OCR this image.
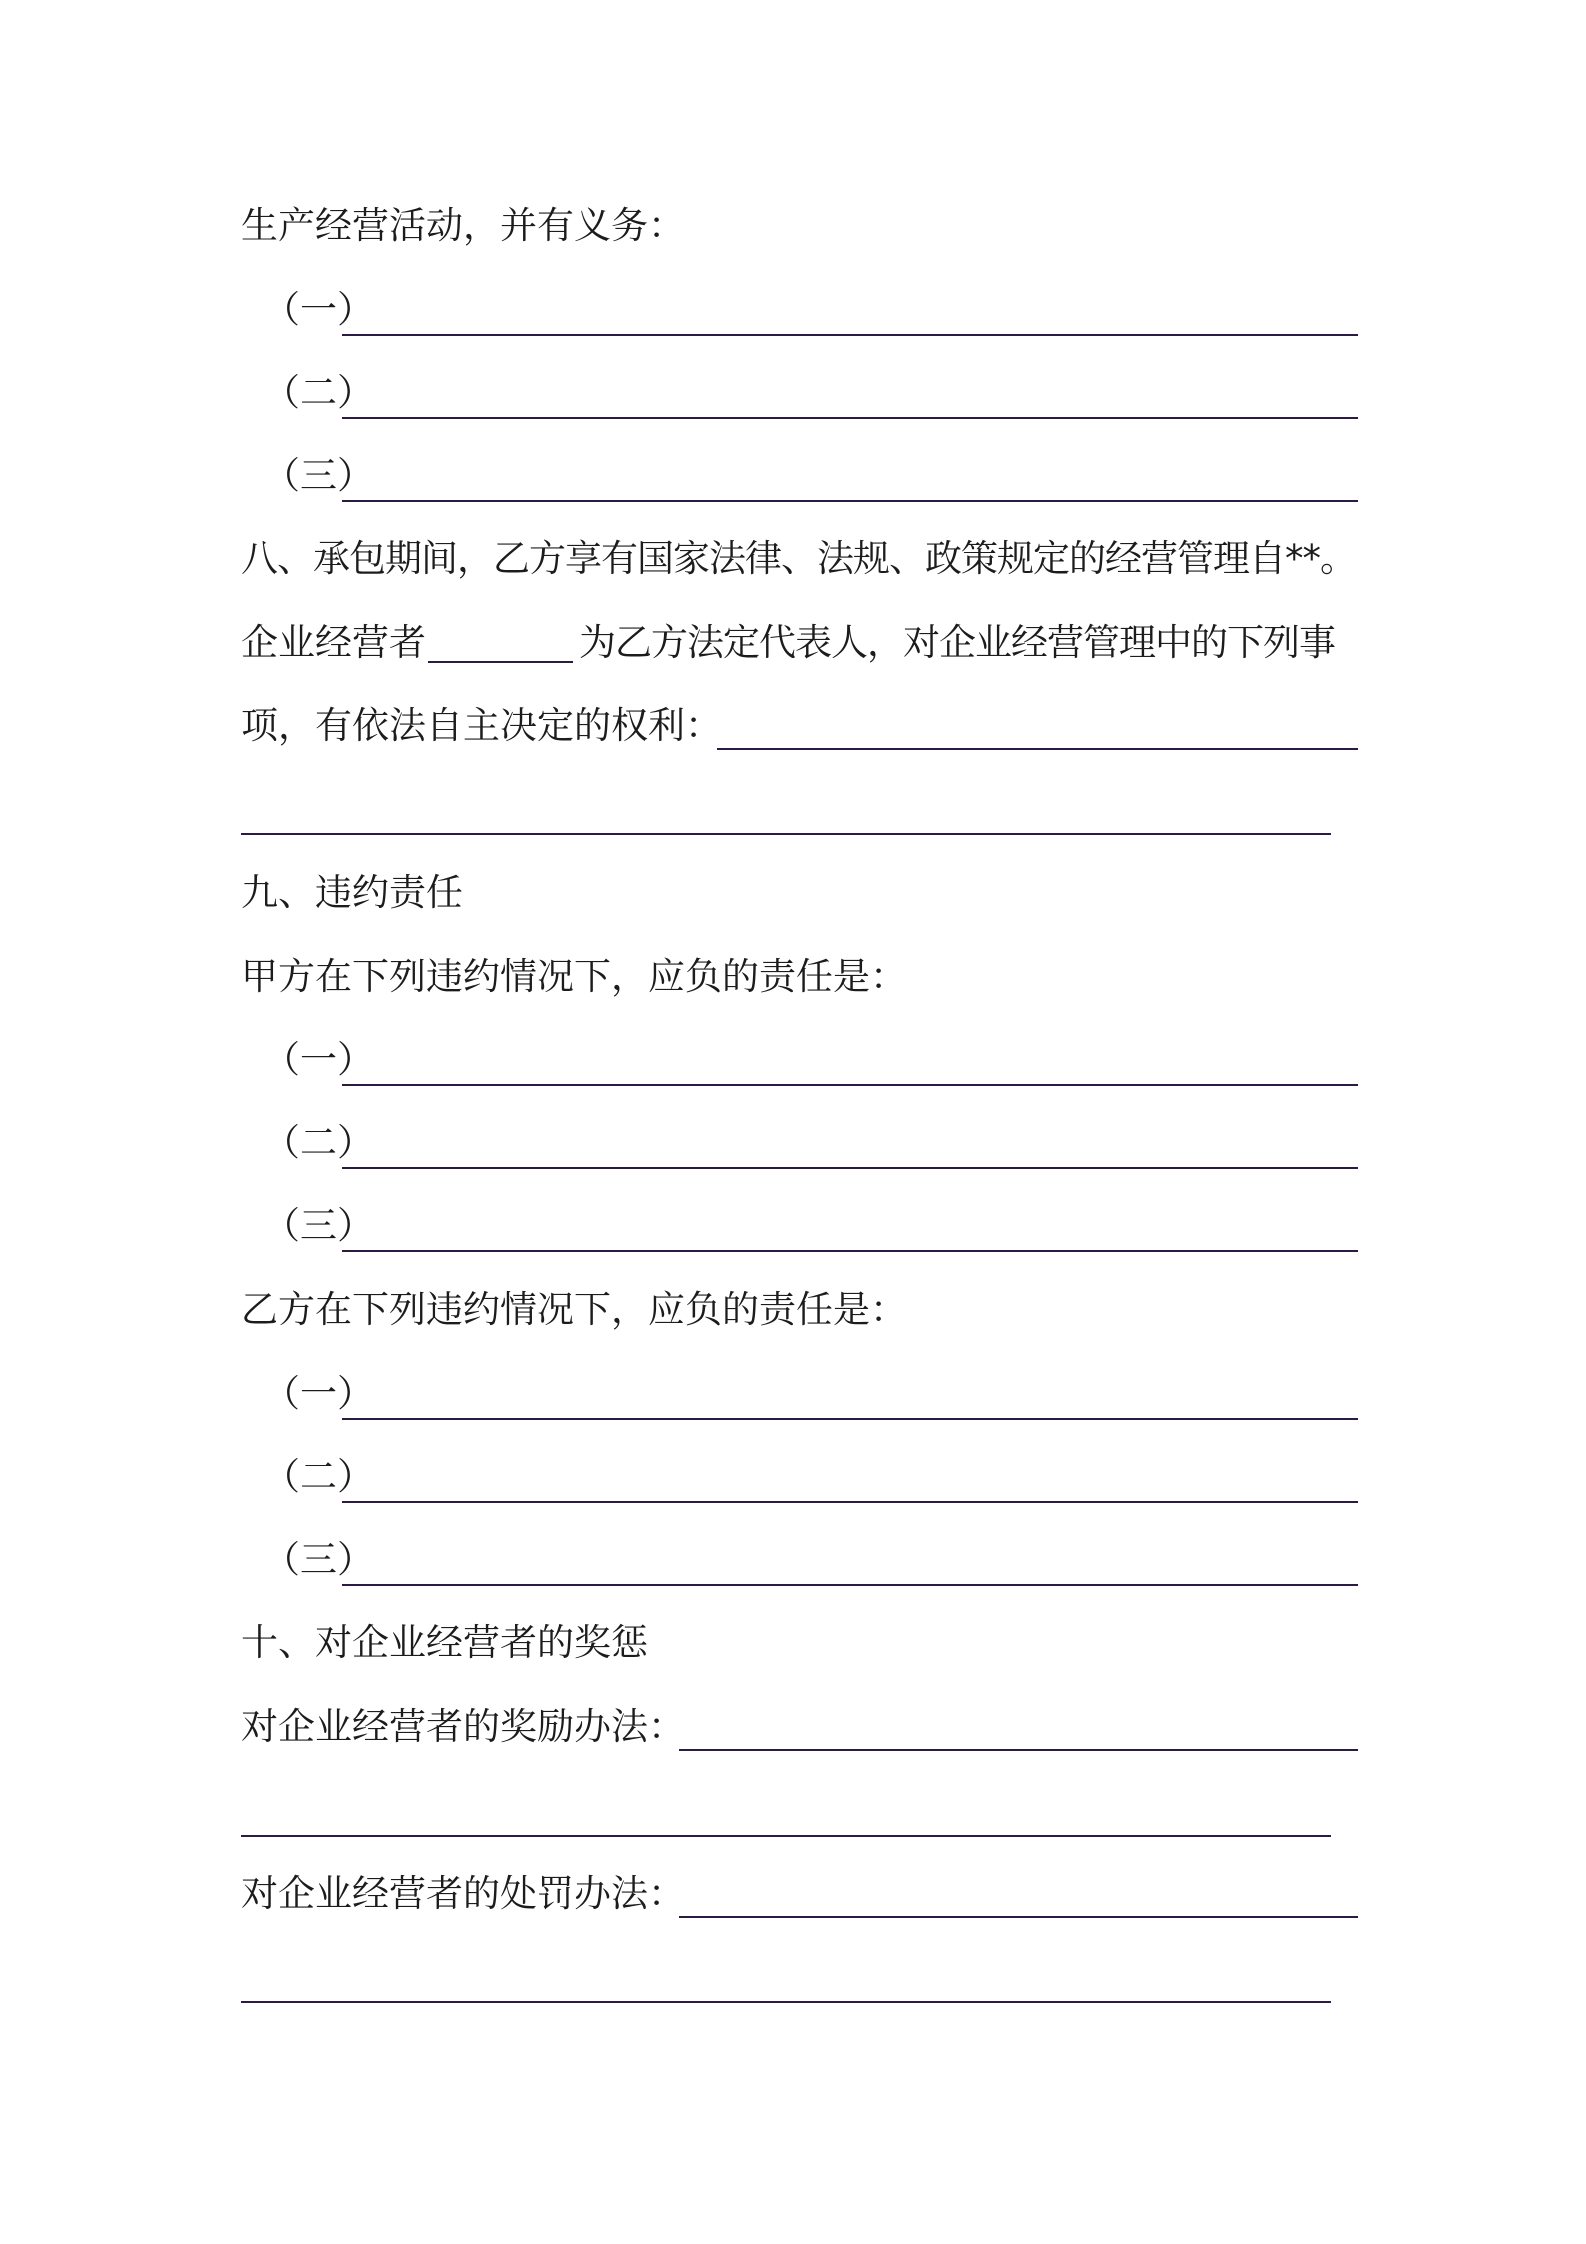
生产经营活动，并有义务：
（一）
（二）
（三）
八、承包期间，乙方享有国家法律、法规、政策规定的经营管理自**。
企业经营者	为乙方法定代表人，对企业经营管理中的下列事
项，有依法自主决定的权利：
九、违约责任
甲方在下列违约情况下，应负的责任是：
（一）
（二）
（三）
乙方在下列违约情况下，应负的责任是：
（一）
（二）
（三）
十、对企业经营者的奖惩
对企业经营者的奖励办法：
对企业经营者的处罚办法：
